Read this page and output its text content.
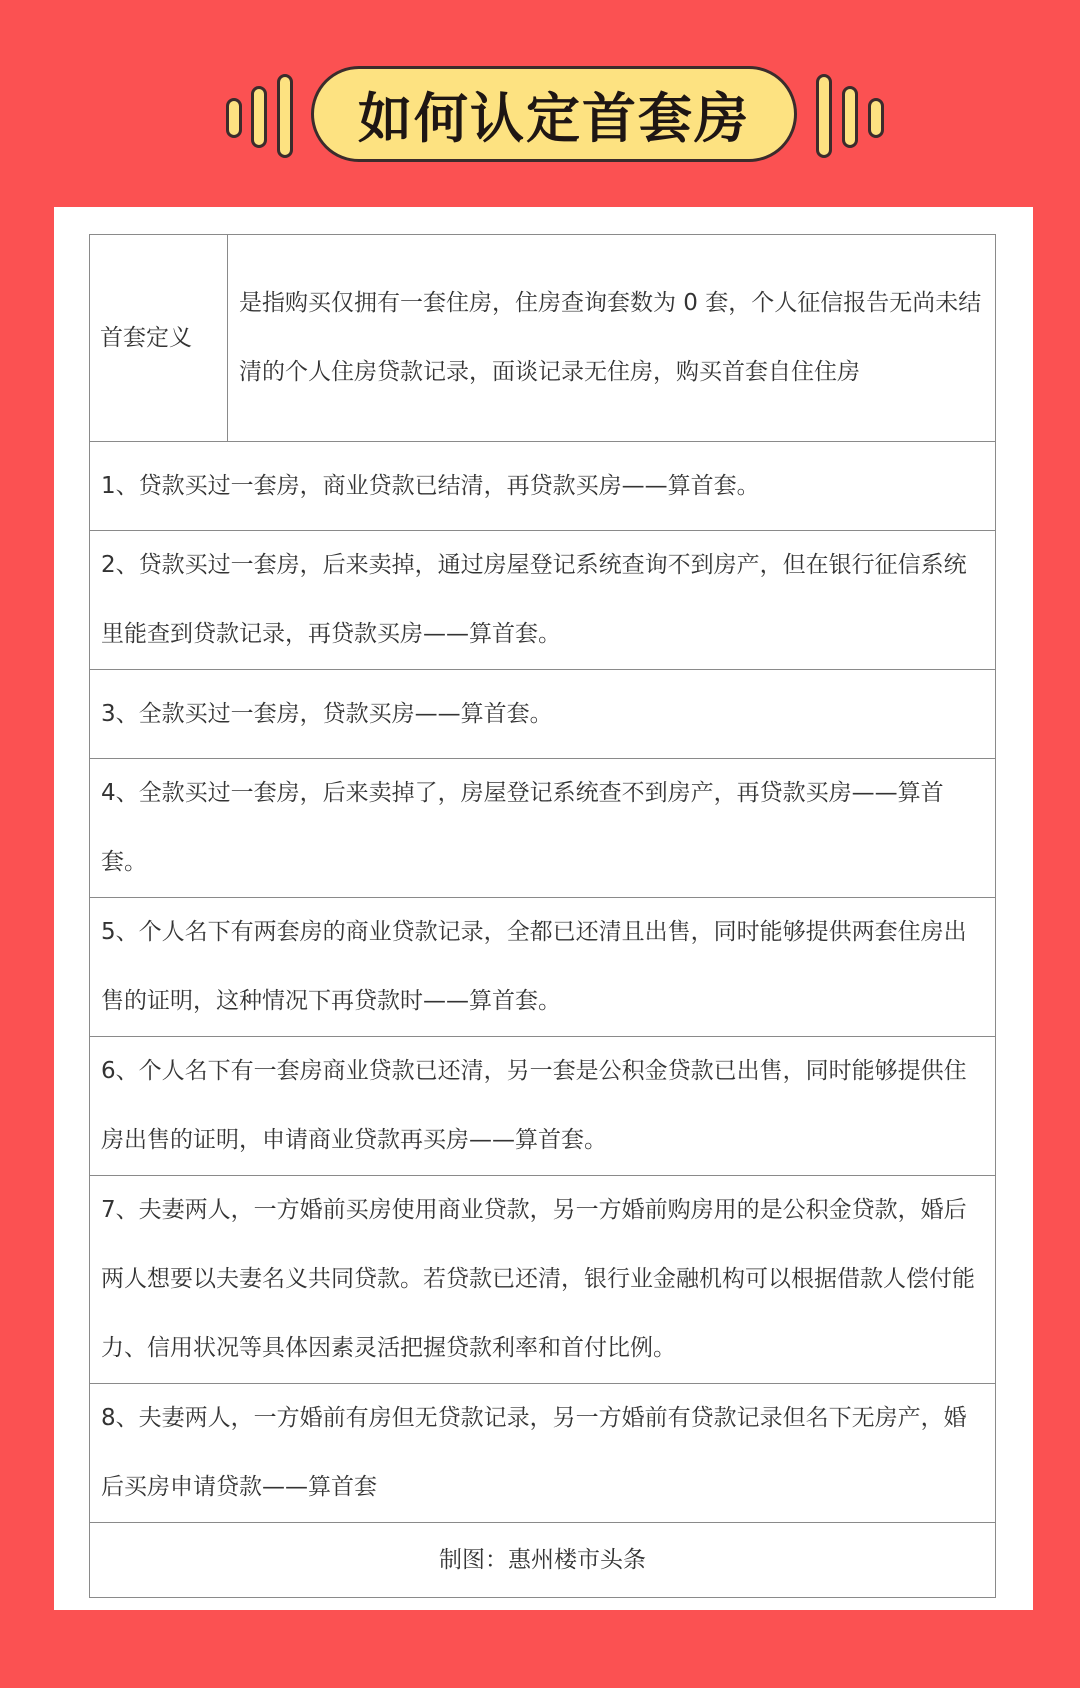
如何认定首套房
首套定义	是指购买仅拥有一套住房，住房查询套数为 0 套，个人征信报告无尚未结清的个人住房贷款记录，面谈记录无住房，购买首套自住住房
1、贷款买过一套房，商业贷款已结清，再贷款买房——算首套。
2、贷款买过一套房，后来卖掉，通过房屋登记系统查询不到房产，但在银行征信系统里能查到贷款记录，再贷款买房——算首套。
3、全款买过一套房，贷款买房——算首套。
4、全款买过一套房，后来卖掉了，房屋登记系统查不到房产，再贷款买房——算首套。
5、个人名下有两套房的商业贷款记录，全都已还清且出售，同时能够提供两套住房出售的证明，这种情况下再贷款时——算首套。
6、个人名下有一套房商业贷款已还清，另一套是公积金贷款已出售，同时能够提供住房出售的证明，申请商业贷款再买房——算首套。
7、夫妻两人，一方婚前买房使用商业贷款，另一方婚前购房用的是公积金贷款，婚后两人想要以夫妻名义共同贷款。若贷款已还清，银行业金融机构可以根据借款人偿付能力、信用状况等具体因素灵活把握贷款利率和首付比例。
8、夫妻两人，一方婚前有房但无贷款记录，另一方婚前有贷款记录但名下无房产，婚后买房申请贷款——算首套
制图：惠州楼市头条
